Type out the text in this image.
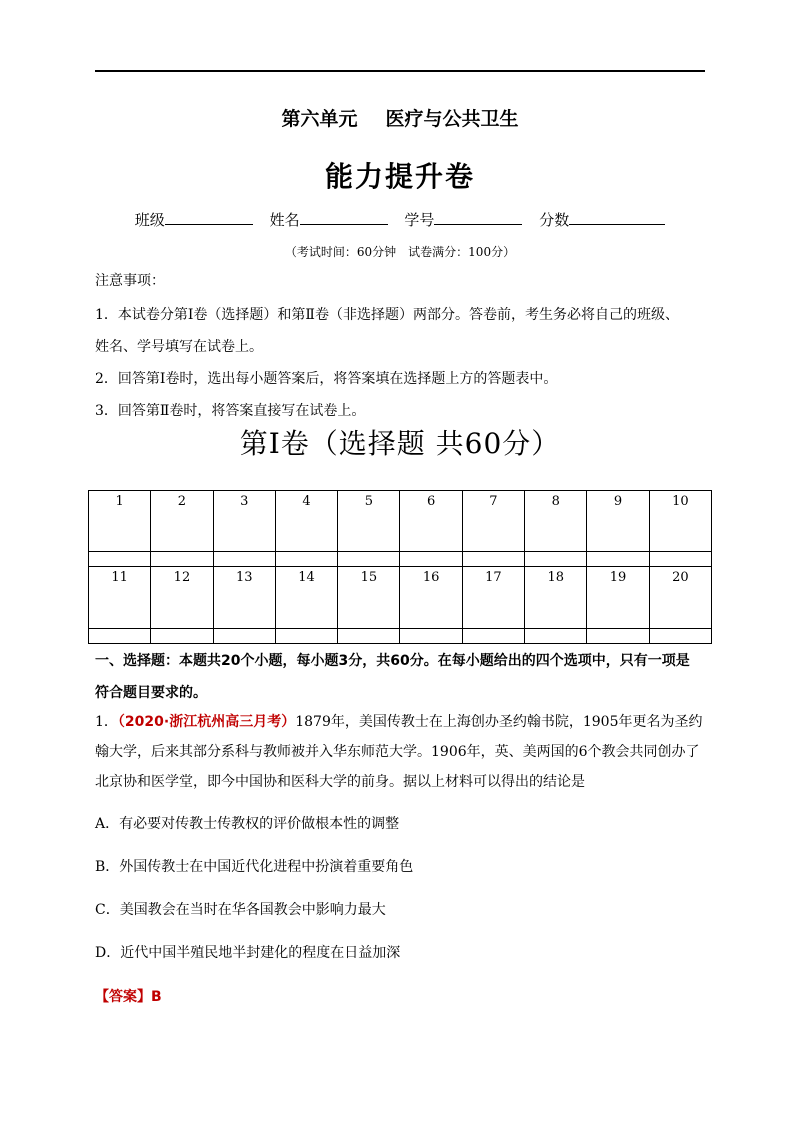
第六单元 医疗与公共卫生
能力提升卷
班级	姓名	学号	分数
（考试时间：60分钟　试卷满分：100分）

注意事项：

1．本试卷分第Ⅰ卷（选择题）和第Ⅱ卷（非选择题）两部分。答卷前，考生务必将自己的班级、

姓名、学号填写在试卷上。

2．回答第Ⅰ卷时，选出每小题答案后，将答案填在选择题上方的答题表中。

3．回答第Ⅱ卷时，将答案直接写在试卷上。

第Ⅰ卷（选择题 共60分）
1	2	3	4	5	6	7	8	9	10

11	12	13	14	15	16	17	18	19	20

一、选择题：本题共20个小题，每小题3分，共60分。在每小题给出的四个选项中，只有一项是

符合题目要求的。

1．（2020·浙江杭州高三月考）1879年，美国传教士在上海创办圣约翰书院，1905年更名为圣约

翰大学，后来其部分系科与教师被并入华东师范大学。1906年，英、美两国的6个教会共同创办了

北京协和医学堂，即今中国协和医科大学的前身。据以上材料可以得出的结论是

A．有必要对传教士传教权的评价做根本性的调整
B．外国传教士在中国近代化进程中扮演着重要角色
C．美国教会在当时在华各国教会中影响力最大
D．近代中国半殖民地半封建化的程度在日益加深
【答案】B
